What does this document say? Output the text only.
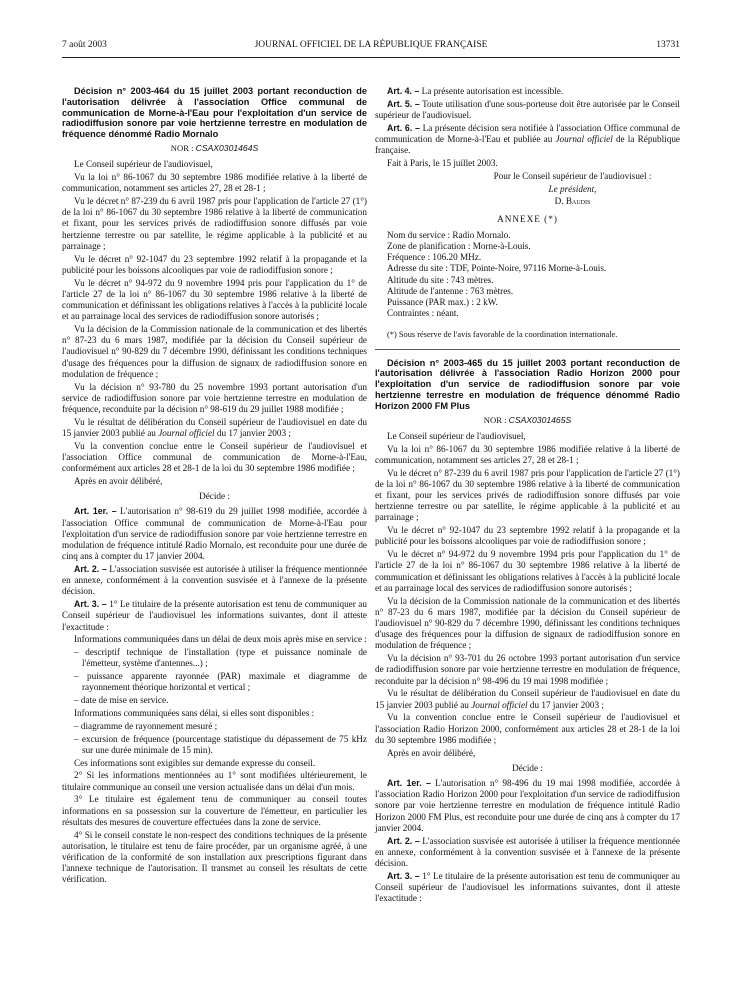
7 août 2003	JOURNAL OFFICIEL DE LA RÉPUBLIQUE FRANÇAISE	13731

Décision n° 2003-464 du 15 juillet 2003 portant reconduction de l'autorisation délivrée à l'association Office communal de communication de Morne-à-l'Eau pour l'exploitation d'un service de radiodiffusion sonore par voie hertzienne terrestre en modulation de fréquence dénommé Radio Mornalo

NOR : CSAX0301464S

Le Conseil supérieur de l'audiovisuel,

Vu la loi n° 86-1067 du 30 septembre 1986 modifiée relative à la liberté de communication, notamment ses articles 27, 28 et 28-1 ;

Vu le décret n° 87-239 du 6 avril 1987 pris pour l'application de l'article 27 (1°) de la loi n° 86-1067 du 30 septembre 1986 relative à la liberté de communication et fixant, pour les services privés de radiodiffusion sonore diffusés par voie hertzienne terrestre ou par satellite, le régime applicable à la publicité et au parrainage ;

Vu le décret n° 92-1047 du 23 septembre 1992 relatif à la propagande et la publicité pour les boissons alcooliques par voie de radiodiffusion sonore ;

Vu le décret n° 94-972 du 9 novembre 1994 pris pour l'application du 1° de l'article 27 de la loi n° 86-1067 du 30 septembre 1986 relative à la liberté de communication et définissant les obligations relatives à l'accès à la publicité locale et au parrainage local des services de radiodiffusion sonore autorisés ;

Vu la décision de la Commission nationale de la communication et des libertés n° 87-23 du 6 mars 1987, modifiée par la décision du Conseil supérieur de l'audiovisuel n° 90-829 du 7 décembre 1990, définissant les conditions techniques d'usage des fréquences pour la diffusion de signaux de radiodiffusion sonore en modulation de fréquence ;

Vu la décision n° 93-780 du 25 novembre 1993 portant autorisation d'un service de radiodiffusion sonore par voie hertzienne terrestre en modulation de fréquence, reconduite par la décision n° 98-619 du 29 juillet 1988 modifiée ;

Vu le résultat de délibération du Conseil supérieur de l'audiovisuel en date du 15 janvier 2003 publié au Journal officiel du 17 janvier 2003 ;

Vu la convention conclue entre le Conseil supérieur de l'audiovisuel et l'association Office communal de communication de Morne-à-l'Eau, conformément aux articles 28 et 28-1 de la loi du 30 septembre 1986 modifiée ;

Après en avoir délibéré,

Décide :

Art. 1er. – L'autorisation n° 98-619 du 29 juillet 1998 modifiée, accordée à l'association Office communal de communication de Morne-à-l'Eau pour l'exploitation d'un service de radiodiffusion sonore par voie hertzienne terrestre en modulation de fréquence intitulé Radio Mornalo, est reconduite pour une durée de cinq ans à compter du 17 janvier 2004.

Art. 2. – L'association susvisée est autorisée à utiliser la fréquence mentionnée en annexe, conformément à la convention susvisée et à l'annexe de la présente décision.

Art. 3. – 1° Le titulaire de la présente autorisation est tenu de communiquer au Conseil supérieur de l'audiovisuel les informations suivantes, dont il atteste l'exactitude :

Informations communiquées dans un délai de deux mois après mise en service :

– descriptif technique de l'installation (type et puissance nominale de l'émetteur, système d'antennes...) ;

– puissance apparente rayonnée (PAR) maximale et diagramme de rayonnement théorique horizontal et vertical ;

– date de mise en service.

Informations communiquées sans délai, si elles sont disponibles :

– diagramme de rayonnement mesuré ;

– excursion de fréquence (pourcentage statistique du dépassement de 75 kHz sur une durée minimale de 15 min).

Ces informations sont exigibles sur demande expresse du conseil.

2° Si les informations mentionnées au 1° sont modifiées ultérieurement, le titulaire communique au conseil une version actualisée dans un délai d'un mois.

3° Le titulaire est également tenu de communiquer au conseil toutes informations en sa possession sur la couverture de l'émetteur, en particulier les résultats des mesures de couverture effectuées dans la zone de service.

4° Si le conseil constate le non-respect des conditions techniques de la présente autorisation, le titulaire est tenu de faire procéder, par un organisme agréé, à une vérification de la conformité de son installation aux prescriptions figurant dans l'annexe technique de l'autorisation. Il transmet au conseil les résultats de cette vérification.

Art. 4. – La présente autorisation est incessible.

Art. 5. – Toute utilisation d'une sous-porteuse doit être autorisée par le Conseil supérieur de l'audiovisuel.

Art. 6. – La présente décision sera notifiée à l'association Office communal de communication de Morne-à-l'Eau et publiée au Journal officiel de la République française.

Fait à Paris, le 15 juillet 2003.

Pour le Conseil supérieur de l'audiovisuel :

Le président,

D. Baudis

ANNEXE (*)

Nom du service : Radio Mornalo.

Zone de planification : Morne-à-Louis.

Fréquence : 106.20 MHz.

Adresse du site : TDF, Pointe-Noire, 97116 Morne-à-Louis.

Altitude du site : 743 mètres.

Altitude de l'antenne : 763 mètres.

Puissance (PAR max.) : 2 kW.

Contraintes : néant.

(*) Sous réserve de l'avis favorable de la coordination internationale.

Décision n° 2003-465 du 15 juillet 2003 portant reconduction de l'autorisation délivrée à l'association Radio Horizon 2000 pour l'exploitation d'un service de radiodiffusion sonore par voie hertzienne terrestre en modulation de fréquence dénommé Radio Horizon 2000 FM Plus

NOR : CSAX0301465S

Le Conseil supérieur de l'audiovisuel,

Vu la loi n° 86-1067 du 30 septembre 1986 modifiée relative à la liberté de communication, notamment ses articles 27, 28 et 28-1 ;

Vu le décret n° 87-239 du 6 avril 1987 pris pour l'application de l'article 27 (1°) de la loi n° 86-1067 du 30 septembre 1986 relative à la liberté de communication et fixant, pour les services privés de radiodiffusion sonore diffusés par voie hertzienne terrestre ou par satellite, le régime applicable à la publicité et au parrainage ;

Vu le décret n° 92-1047 du 23 septembre 1992 relatif à la propagande et la publicité pour les boissons alcooliques par voie de radiodiffusion sonore ;

Vu le décret n° 94-972 du 9 novembre 1994 pris pour l'application du 1° de l'article 27 de la loi n° 86-1067 du 30 septembre 1986 relative à la liberté de communication et définissant les obligations relatives à l'accès à la publicité locale et au parrainage local des services de radiodiffusion sonore autorisés ;

Vu la décision de la Commission nationale de la communication et des libertés n° 87-23 du 6 mars 1987, modifiée par la décision du Conseil supérieur de l'audiovisuel n° 90-829 du 7 décembre 1990, définissant les conditions techniques d'usage des fréquences pour la diffusion de signaux de radiodiffusion sonore en modulation de fréquence ;

Vu la décision n° 93-701 du 26 octobre 1993 portant autorisation d'un service de radiodiffusion sonore par voie hertzienne terrestre en modulation de fréquence, reconduite par la décision n° 98-496 du 19 mai 1998 modifiée ;

Vu le résultat de délibération du Conseil supérieur de l'audiovisuel en date du 15 janvier 2003 publié au Journal officiel du 17 janvier 2003 ;

Vu la convention conclue entre le Conseil supérieur de l'audiovisuel et l'association Radio Horizon 2000, conformément aux articles 28 et 28-1 de la loi du 30 septembre 1986 modifiée ;

Après en avoir délibéré,

Décide :

Art. 1er. – L'autorisation n° 98-496 du 19 mai 1998 modifiée, accordée à l'association Radio Horizon 2000 pour l'exploitation d'un service de radiodiffusion sonore par voie hertzienne terrestre en modulation de fréquence intitulé Radio Horizon 2000 FM Plus, est reconduite pour une durée de cinq ans à compter du 17 janvier 2004.

Art. 2. – L'association susvisée est autorisée à utiliser la fréquence mentionnée en annexe, conformément à la convention susvisée et à l'annexe de la présente décision.

Art. 3. – 1° Le titulaire de la présente autorisation est tenu de communiquer au Conseil supérieur de l'audiovisuel les informations suivantes, dont il atteste l'exactitude :
